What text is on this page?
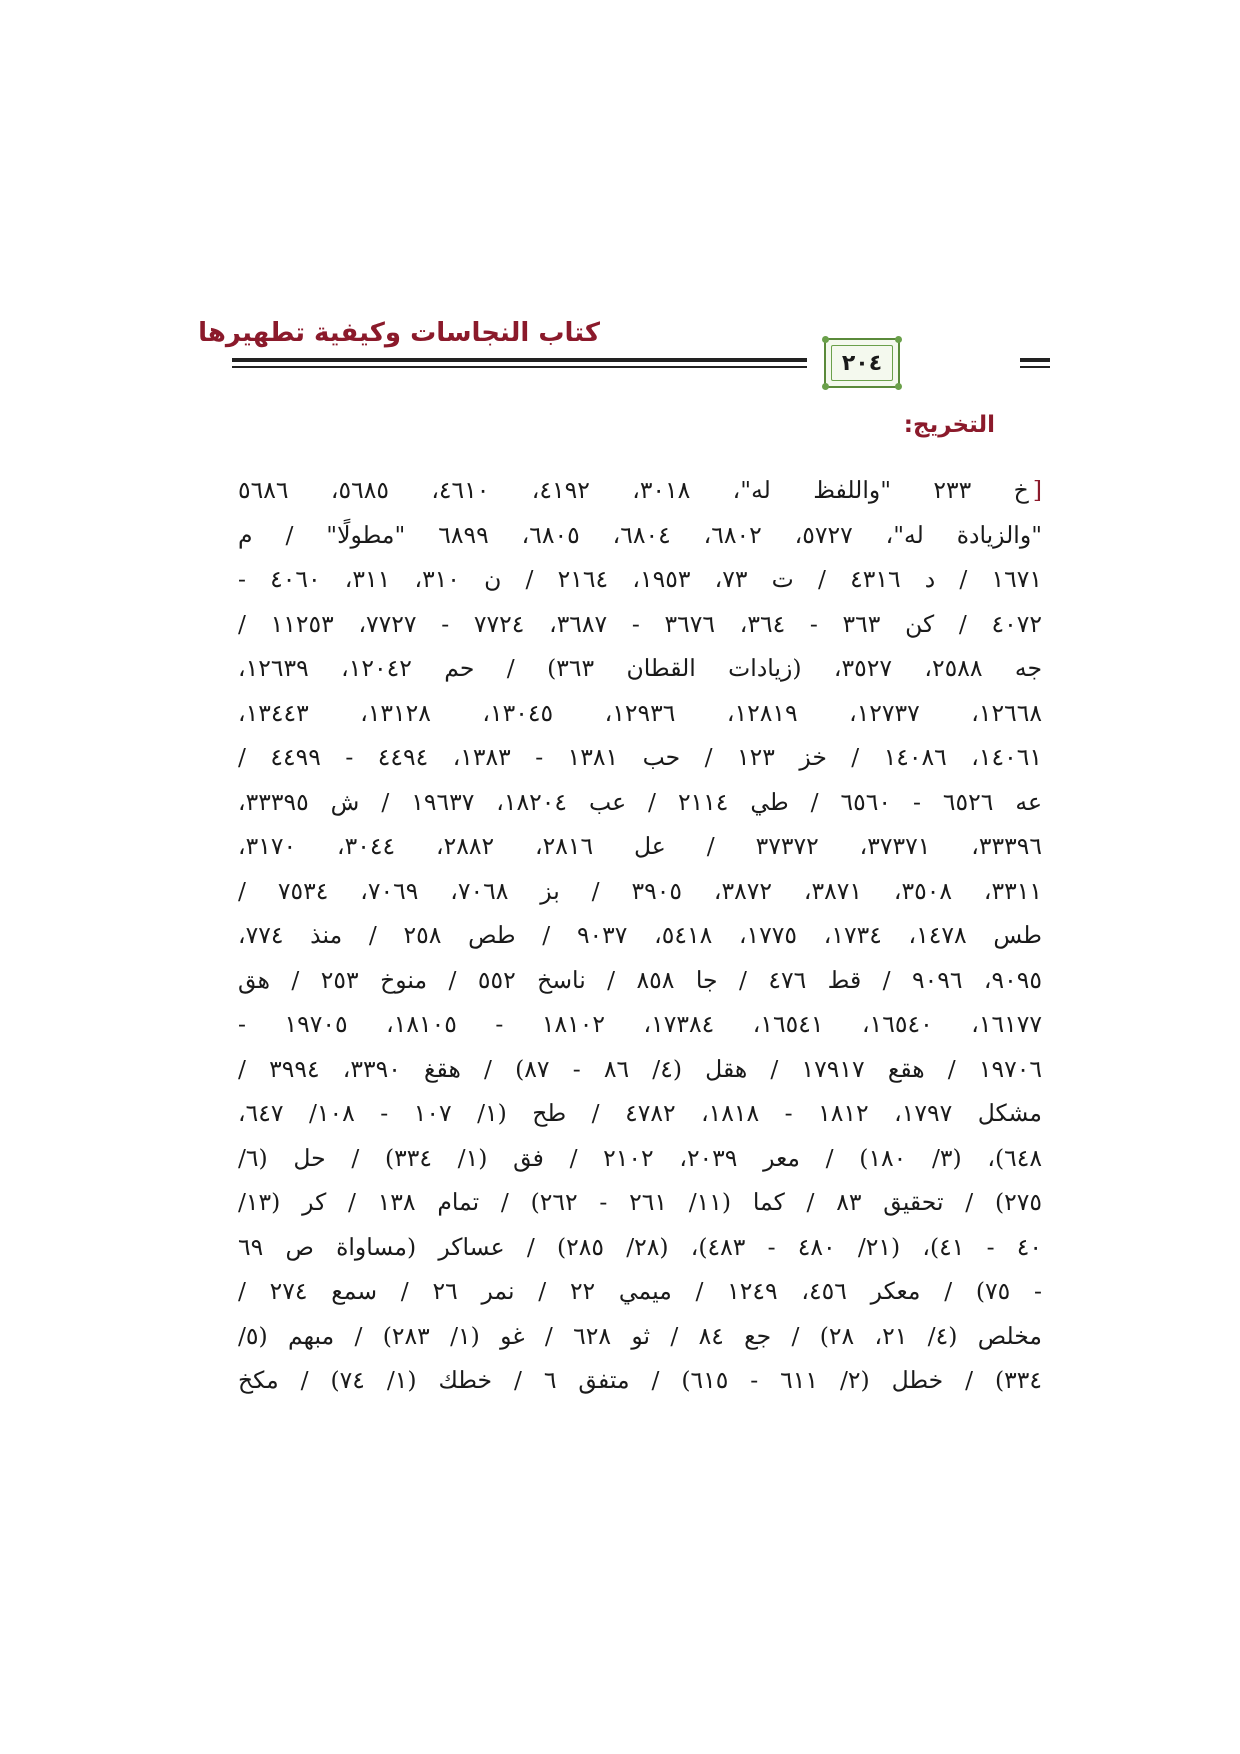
كتاب النجاسات وكيفية تطهيرها
٢٠٤
التخريج:
[خ ٢٣٣ "واللفظ له"، ٣٠١٨، ٤١٩٢، ٤٦١٠، ٥٦٨٥، ٥٦٨٦
"والزيادة له"، ٥٧٢٧، ٦٨٠٢، ٦٨٠٤، ٦٨٠٥، ٦٨٩٩ "مطولًا" / م
١٦٧١ / د ٤٣١٦ / ت ٧٣، ١٩٥٣، ٢١٦٤ / ن ٣١٠، ٣١١، ٤٠٦٠ -
٤٠٧٢ / كن ٣٦٣ - ٣٦٤، ٣٦٧٦ - ٣٦٨٧، ٧٧٢٤ - ٧٧٢٧، ١١٢٥٣ /
جه ٢٥٨٨، ٣٥٢٧، (زيادات القطان ٣٦٣) / حم ١٢٠٤٢، ١٢٦٣٩،
١٢٦٦٨، ١٢٧٣٧، ١٢٨١٩، ١٢٩٣٦، ١٣٠٤٥، ١٣١٢٨، ١٣٤٤٣،
١٤٠٦١، ١٤٠٨٦ / خز ١٢٣ / حب ١٣٨١ - ١٣٨٣، ٤٤٩٤ - ٤٤٩٩ /
عه ٦٥٢٦ - ٦٥٦٠ / طي ٢١١٤ / عب ١٨٢٠٤، ١٩٦٣٧ / ش ٣٣٣٩٥،
٣٣٣٩٦، ٣٧٣٧١، ٣٧٣٧٢ / عل ٢٨١٦، ٢٨٨٢، ٣٠٤٤، ٣١٧٠،
٣٣١١، ٣٥٠٨، ٣٨٧١، ٣٨٧٢، ٣٩٠٥ / بز ٧٠٦٨، ٧٠٦٩، ٧٥٣٤ /
طس ١٤٧٨، ١٧٣٤، ١٧٧٥، ٥٤١٨، ٩٠٣٧ / طص ٢٥٨ / منذ ٧٧٤،
٩٠٩٥، ٩٠٩٦ / قط ٤٧٦ / جا ٨٥٨ / ناسخ ٥٥٢ / منوخ ٢٥٣ / هق
١٦١٧٧، ١٦٥٤٠، ١٦٥٤١، ١٧٣٨٤، ١٨١٠٢ - ١٨١٠٥، ١٩٧٠٥ -
١٩٧٠٦ / هقع ١٧٩١٧ / هقل (٤/ ٨٦ - ٨٧) / هقغ ٣٣٩٠، ٣٩٩٤ /
مشكل ١٧٩٧، ١٨١٢ - ١٨١٨، ٤٧٨٢ / طح (١/ ١٠٧ - ١٠٨/ ٦٤٧،
٦٤٨)، (٣/ ١٨٠) / معر ٢٠٣٩، ٢١٠٢ / فق (١/ ٣٣٤) / حل (٦/
٢٧٥) / تحقيق ٨٣ / كما (١١/ ٢٦١ - ٢٦٢) / تمام ١٣٨ / كر (١٣/
٤٠ - ٤١)، (٢١/ ٤٨٠ - ٤٨٣)، (٢٨/ ٢٨٥) / عساكر (مساواة ص ٦٩
- ٧٥) / معكر ٤٥٦، ١٢٤٩ / ميمي ٢٢ / نمر ٢٦ / سمع ٢٧٤ /
مخلص (٤/ ٢١، ٢٨) / جع ٨٤ / ثو ٦٢٨ / غو (١/ ٢٨٣) / مبهم (٥/
٣٣٤) / خطل (٢/ ٦١١ - ٦١٥) / متفق ٦ / خطك (١/ ٧٤) / مكخ
